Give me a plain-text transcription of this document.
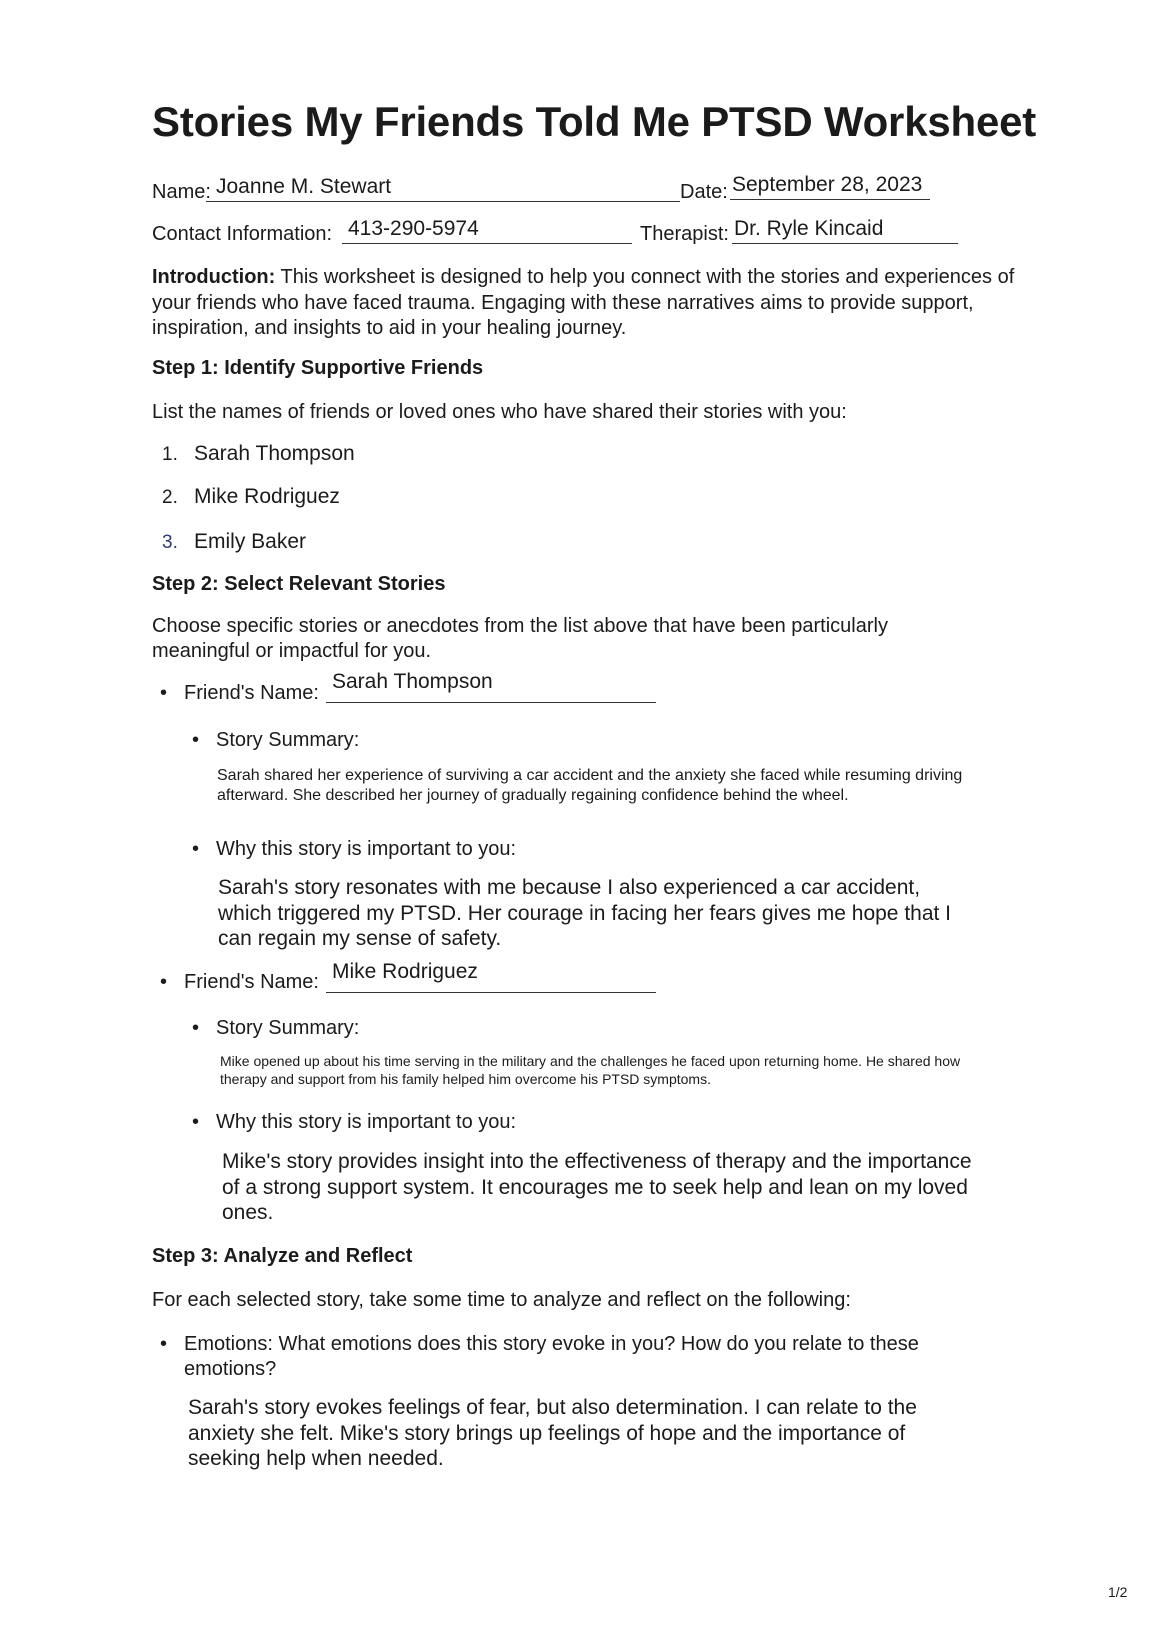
Stories My Friends Told Me PTSD Worksheet
Name: Joanne M. Stewart	Date: September 28, 2023
Contact Information: 413-290-5974	Therapist: Dr. Ryle Kincaid

Introduction: This worksheet is designed to help you connect with the stories and experiences of your friends who have faced trauma. Engaging with these narratives aims to provide support, inspiration, and insights to aid in your healing journey.

Step 1: Identify Supportive Friends

List the names of friends or loved ones who have shared their stories with you:

1. Sarah Thompson
2. Mike Rodriguez
3. Emily Baker
Step 2: Select Relevant Stories

Choose specific stories or anecdotes from the list above that have been particularly meaningful or impactful for you.

• Friend's Name: Sarah Thompson
• Story Summary:

Sarah shared her experience of surviving a car accident and the anxiety she faced while resuming driving afterward. She described her journey of gradually regaining confidence behind the wheel.

• Why this story is important to you:

Sarah's story resonates with me because I also experienced a car accident, which triggered my PTSD. Her courage in facing her fears gives me hope that I can regain my sense of safety.

• Friend's Name: Mike Rodriguez
• Story Summary:

Mike opened up about his time serving in the military and the challenges he faced upon returning home. He shared how therapy and support from his family helped him overcome his PTSD symptoms.

• Why this story is important to you:

Mike's story provides insight into the effectiveness of therapy and the importance of a strong support system. It encourages me to seek help and lean on my loved ones.

Step 3: Analyze and Reflect

For each selected story, take some time to analyze and reflect on the following:

• Emotions: What emotions does this story evoke in you? How do you relate to these emotions?

Sarah's story evokes feelings of fear, but also determination. I can relate to the anxiety she felt. Mike's story brings up feelings of hope and the importance of seeking help when needed.

1/2
